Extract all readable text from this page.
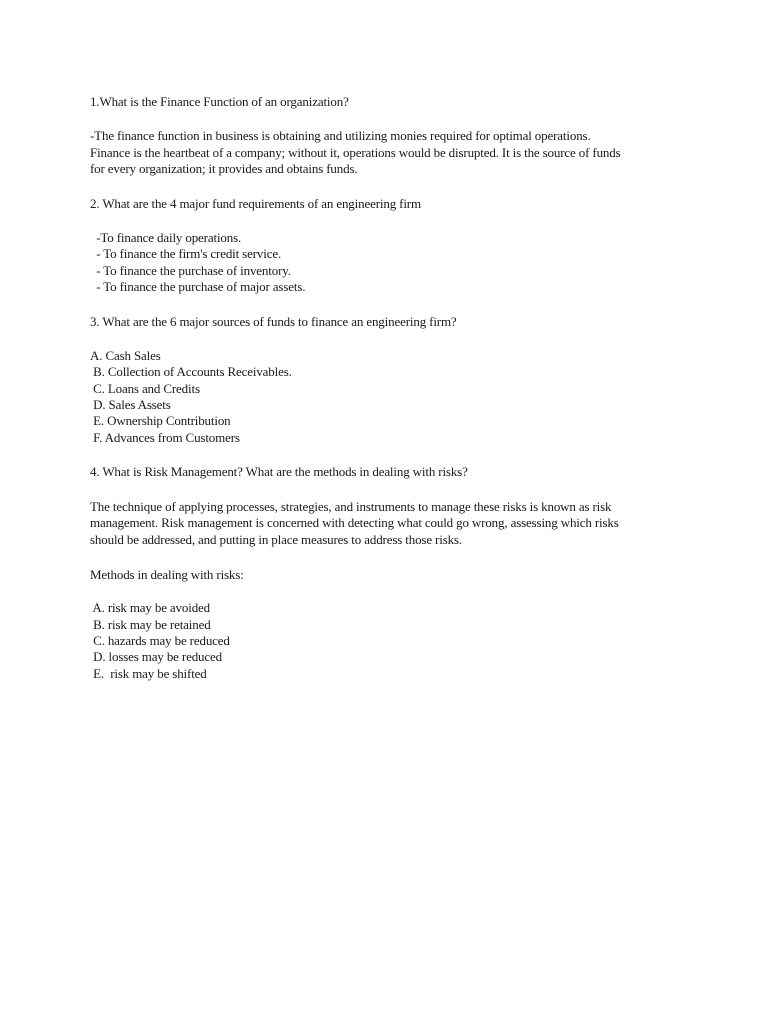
1.What is the Finance Function of an organization?
-The finance function in business is obtaining and utilizing monies required for optimal operations.
Finance is the heartbeat of a company; without it, operations would be disrupted. It is the source of funds
for every organization; it provides and obtains funds.
2. What are the 4 major fund requirements of an engineering firm
-To finance daily operations.
- To finance the firm's credit service.
- To finance the purchase of inventory.
- To finance the purchase of major assets.
3. What are the 6 major sources of funds to finance an engineering firm?
A. Cash Sales
B. Collection of Accounts Receivables.
C. Loans and Credits
D. Sales Assets
E. Ownership Contribution
F. Advances from Customers
4. What is Risk Management? What are the methods in dealing with risks?
The technique of applying processes, strategies, and instruments to manage these risks is known as risk
management. Risk management is concerned with detecting what could go wrong, assessing which risks
should be addressed, and putting in place measures to address those risks.
Methods in dealing with risks:
A. risk may be avoided
B. risk may be retained
C. hazards may be reduced
D. losses may be reduced
E.  risk may be shifted
